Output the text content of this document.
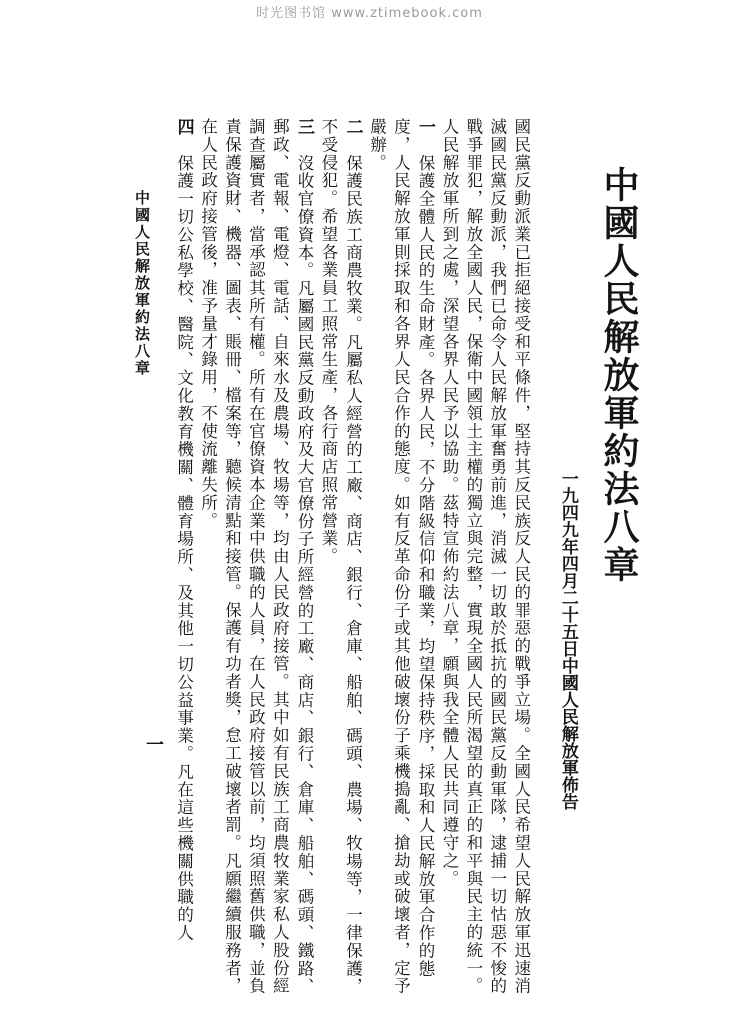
时光图书馆 www.ztimebook.com

中國人民解放軍約法八章

一九四九年四月二十五日中國人民解放軍佈告

國民黨反動派業已拒絕接受和平條件，堅持其反民族反人民的罪惡的戰爭立場。全國人民希望人民解放軍迅速消滅國民黨反動派，我們已命令人民解放軍奮勇前進，消滅一切敢於抵抗的國民黨反動軍隊，逮捕一切怙惡不悛的戰爭罪犯，解放全國人民，保衛中國領土主權的獨立與完整，實現全國人民所渴望的真正的和平與民主的統一。人民解放軍所到之處，深望各界人民予以協助。茲特宣佈約法八章，願與我全體人民共同遵守之。

一　保護全體人民的生命財產。各界人民，不分階級信仰和職業，均望保持秩序，採取和人民解放軍合作的態度，人民解放軍則採取和各界人民合作的態度。如有反革命份子或其他破壞份子乘機搗亂、搶劫或破壞者，定予嚴辦。

二　保護民族工商農牧業。凡屬私人經營的工廠、商店、銀行、倉庫、船舶、碼頭、農場、牧場等，一律保護，不受侵犯。希望各業員工照常生產，各行商店照常營業。

三　沒收官僚資本。凡屬國民黨反動政府及大官僚份子所經營的工廠、商店、銀行、倉庫、船舶、碼頭、鐵路、郵政、電報、電燈、電話、自來水及農場、牧場等，均由人民政府接管。其中如有民族工商農牧業家私人股份經調查屬實者，當承認其所有權。所有在官僚資本企業中供職的人員，在人民政府接管以前，均須照舊供職，並負責保護資財、機器、圖表、賬冊、檔案等，聽候清點和接管。保護有功者獎，怠工破壞者罰。凡願繼續服務者，在人民政府接管後，准予量才錄用，不使流離失所。

四　保護一切公私學校、醫院、文化教育機關、體育場所、及其他一切公益事業。凡在這些機關供職的人

中國人民解放軍約法八章
一
